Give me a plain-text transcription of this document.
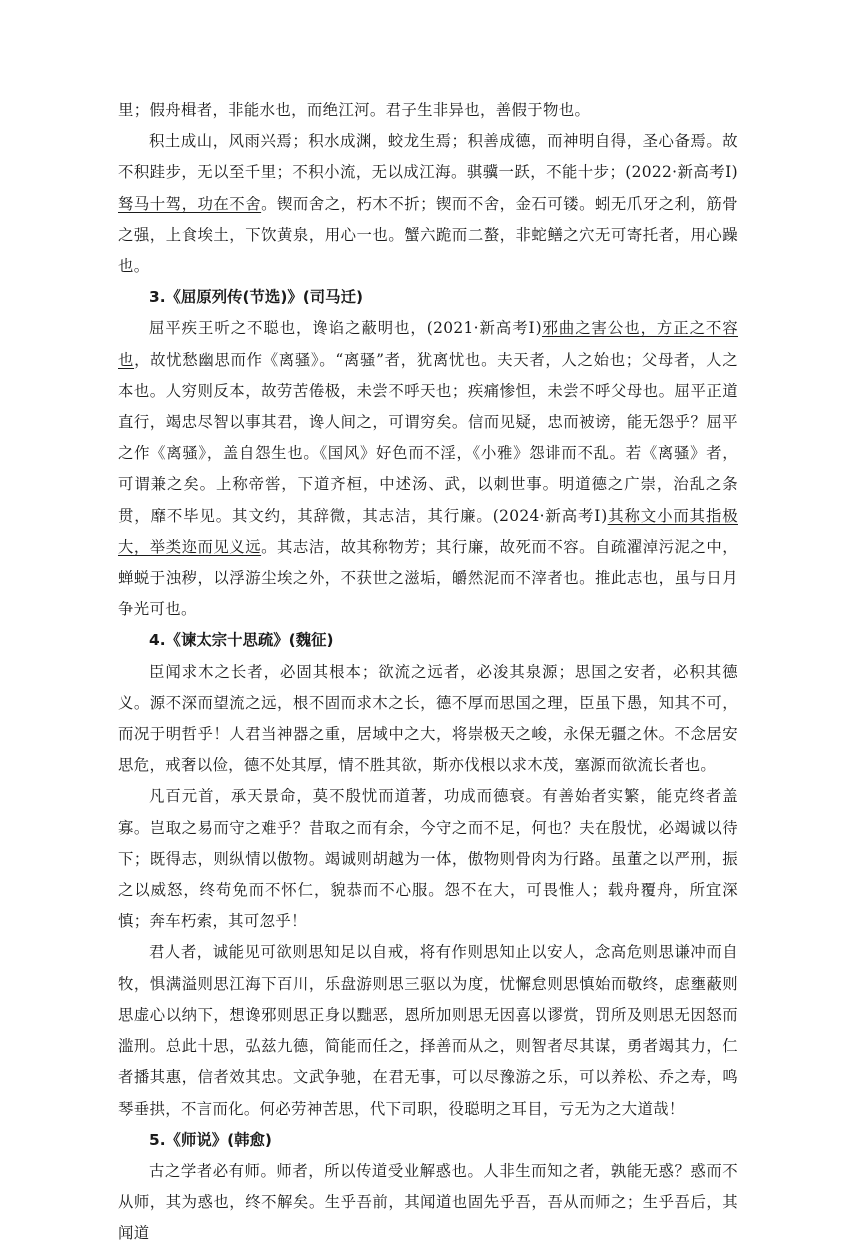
里；假舟楫者，非能水也，而绝江河。君子生非异也，善假于物也。

积土成山，风雨兴焉；积水成渊，蛟龙生焉；积善成德，而神明自得，圣心备焉。故不积跬步，无以至千里；不积小流，无以成江海。骐骥一跃，不能十步；(2022·新高考Ⅰ)驽马十驾，功在不舍。锲而舍之，朽木不折；锲而不舍，金石可镂。蚓无爪牙之利，筋骨之强，上食埃土，下饮黄泉，用心一也。蟹六跪而二螯，非蛇鳝之穴无可寄托者，用心躁也。

3.《屈原列传(节选)》(司马迁)

屈平疾王听之不聪也，谗谄之蔽明也，(2021·新高考Ⅰ)邪曲之害公也，方正之不容也，故忧愁幽思而作《离骚》。“离骚”者，犹离忧也。夫天者，人之始也；父母者，人之本也。人穷则反本，故劳苦倦极，未尝不呼天也；疾痛惨怛，未尝不呼父母也。屈平正道直行，竭忠尽智以事其君，谗人间之，可谓穷矣。信而见疑，忠而被谤，能无怨乎？屈平之作《离骚》，盖自怨生也。《国风》好色而不淫，《小雅》怨诽而不乱。若《离骚》者，可谓兼之矣。上称帝喾，下道齐桓，中述汤、武，以刺世事。明道德之广崇，治乱之条贯，靡不毕见。其文约，其辞微，其志洁，其行廉。(2024·新高考Ⅰ)其称文小而其指极大，举类迩而见义远。其志洁，故其称物芳；其行廉，故死而不容。自疏濯淖污泥之中，蝉蜕于浊秽，以浮游尘埃之外，不获世之滋垢，皭然泥而不滓者也。推此志也，虽与日月争光可也。

4.《谏太宗十思疏》(魏征)

臣闻求木之长者，必固其根本；欲流之远者，必浚其泉源；思国之安者，必积其德义。源不深而望流之远，根不固而求木之长，德不厚而思国之理，臣虽下愚，知其不可，而况于明哲乎！人君当神器之重，居域中之大，将崇极天之峻，永保无疆之休。不念居安思危，戒奢以俭，德不处其厚，情不胜其欲，斯亦伐根以求木茂，塞源而欲流长者也。

凡百元首，承天景命，莫不殷忧而道著，功成而德衰。有善始者实繁，能克终者盖寡。岂取之易而守之难乎？昔取之而有余，今守之而不足，何也？夫在殷忧，必竭诚以待下；既得志，则纵情以傲物。竭诚则胡越为一体，傲物则骨肉为行路。虽董之以严刑，振之以威怒，终苟免而不怀仁，貌恭而不心服。怨不在大，可畏惟人；载舟覆舟，所宜深慎；奔车朽索，其可忽乎！

君人者，诚能见可欲则思知足以自戒，将有作则思知止以安人，念高危则思谦冲而自牧，惧满溢则思江海下百川，乐盘游则思三驱以为度，忧懈怠则思慎始而敬终，虑壅蔽则思虚心以纳下，想谗邪则思正身以黜恶，恩所加则思无因喜以谬赏，罚所及则思无因怒而滥刑。总此十思，弘兹九德，简能而任之，择善而从之，则智者尽其谋，勇者竭其力，仁者播其惠，信者效其忠。文武争驰，在君无事，可以尽豫游之乐，可以养松、乔之寿，鸣琴垂拱，不言而化。何必劳神苦思，代下司职，役聪明之耳目，亏无为之大道哉！

5.《师说》(韩愈)

古之学者必有师。师者，所以传道受业解惑也。人非生而知之者，孰能无惑？惑而不从师，其为惑也，终不解矣。生乎吾前，其闻道也固先乎吾，吾从而师之；生乎吾后，其闻道
